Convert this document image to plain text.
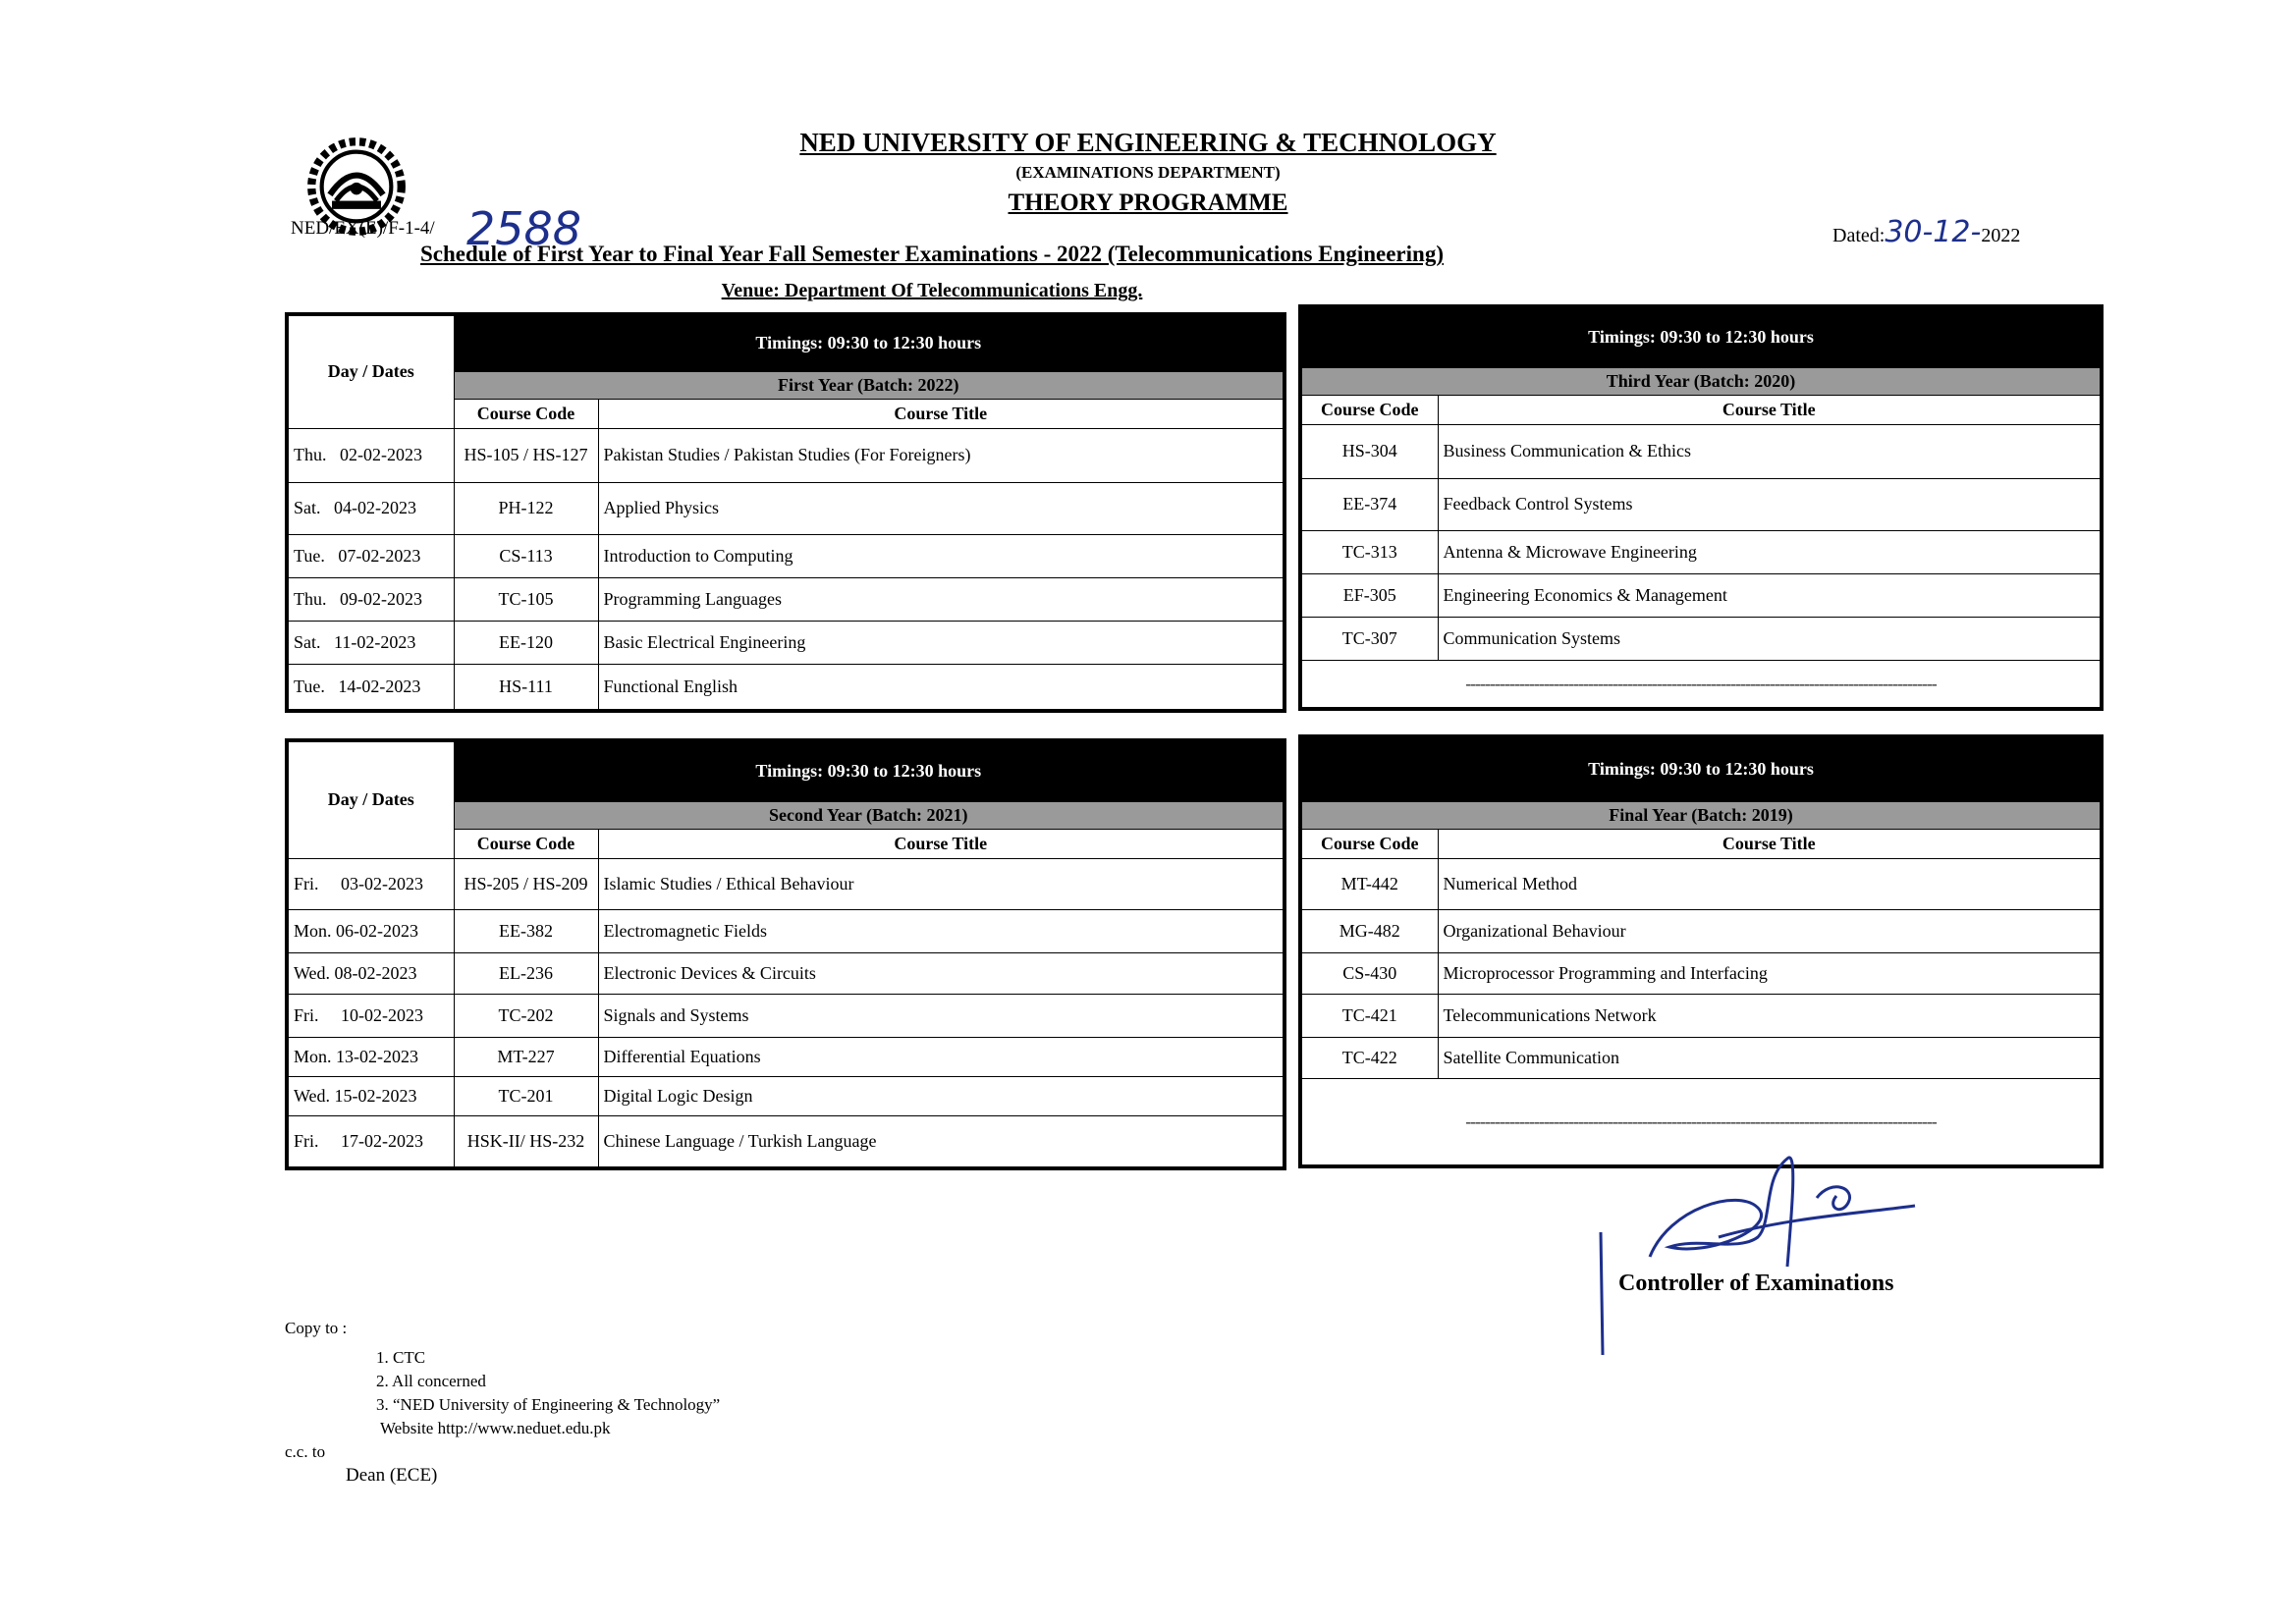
NED UNIVERSITY OF ENGINEERING & TECHNOLOGY
(EXAMINATIONS DEPARTMENT)
THEORY PROGRAMME
NED/EX(E)/F-1-4/ 2588	Dated:30-12-2022
Schedule of First Year to Final Year Fall Semester Examinations - 2022 (Telecommunications Engineering)
Venue: Department Of Telecommunications Engg.
Day / Dates	Timings: 09:30 to 12:30 hours	
	First Year (Batch: 2022)	
	Course Code	Course Title
Thu. 02-02-2023	HS-105 / HS-127	Pakistan Studies / Pakistan Studies (For Foreigners)
Sat. 04-02-2023	PH-122	Applied Physics
Tue. 07-02-2023	CS-113	Introduction to Computing
Thu. 09-02-2023	TC-105	Programming Languages
Sat. 11-02-2023	EE-120	Basic Electrical Engineering
Tue. 14-02-2023	HS-111	Functional English
Timings: 09:30 to 12:30 hours	
Third Year (Batch: 2020)	
Course Code	Course Title
HS-304	Business Communication & Ethics
EE-374	Feedback Control Systems
TC-313	Antenna & Microwave Engineering
EF-305	Engineering Economics & Management
TC-307	Communication Systems
------------------------------------------------------------------------------------------------	
Day / Dates	Timings: 09:30 to 12:30 hours	
	Second Year (Batch: 2021)	
	Course Code	Course Title
Fri. 03-02-2023	HS-205 / HS-209	Islamic Studies / Ethical Behaviour
Mon. 06-02-2023	EE-382	Electromagnetic Fields
Wed. 08-02-2023	EL-236	Electronic Devices & Circuits
Fri. 10-02-2023	TC-202	Signals and Systems
Mon. 13-02-2023	MT-227	Differential Equations
Wed. 15-02-2023	TC-201	Digital Logic Design
Fri. 17-02-2023	HSK-II/ HS-232	Chinese Language / Turkish Language
Timings: 09:30 to 12:30 hours	
Final Year (Batch: 2019)	
Course Code	Course Title
MT-442	Numerical Method
MG-482	Organizational Behaviour
CS-430	Microprocessor Programming and Interfacing
TC-421	Telecommunications Network
TC-422	Satellite Communication
------------------------------------------------------------------------------------------------	
Controller of Examinations
Copy to :
1. CTC
2. All concerned
3. “NED University of Engineering & Technology”
Website http://www.neduet.edu.pk
c.c. to
Dean (ECE)
